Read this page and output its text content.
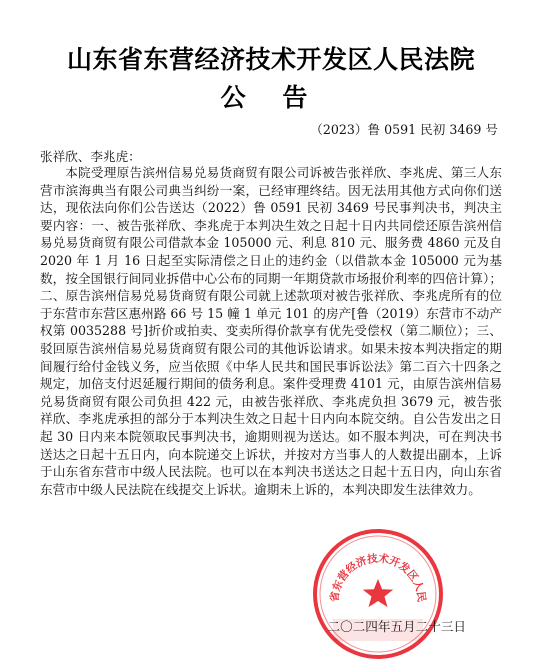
山东省东营经济技术开发区人民法院
公 告
（2023）鲁 0591 民初 3469 号
张祥欣、李兆虎：

本院受理原告滨州信易兑易货商贸有限公司诉被告张祥欣、李兆虎、第三人东营市滨海典当有限公司典当纠纷一案，已经审理终结。因无法用其他方式向你们送达，现依法向你们公告送达（2022）鲁 0591 民初 3469 号民事判决书，判决主要内容：一、被告张祥欣、李兆虎于本判决生效之日起十日内共同偿还原告滨州信易兑易货商贸有限公司借款本金 105000 元、利息 810 元、服务费 4860 元及自 2020 年 1 月 16 日起至实际清偿之日止的违约金（以借款本金 105000 元为基数，按全国银行间同业拆借中心公布的同期一年期贷款市场报价利率的四倍计算）；二、原告滨州信易兑易货商贸有限公司就上述款项对被告张祥欣、李兆虎所有的位于东营市东营区惠州路 66 号 15 幢 1 单元 101 的房产[鲁（2019）东营市不动产权第 0035288 号]折价或拍卖、变卖所得价款享有优先受偿权（第二顺位）；三、驳回原告滨州信易兑易货商贸有限公司的其他诉讼请求。如果未按本判决指定的期间履行给付金钱义务，应当依照《中华人民共和国民事诉讼法》第二百六十四条之规定，加倍支付迟延履行期间的债务利息。案件受理费 4101 元，由原告滨州信易兑易货商贸有限公司负担 422 元，由被告张祥欣、李兆虎负担 3679 元，被告张祥欣、李兆虎承担的部分于本判决生效之日起十日内向本院交纳。自公告发出之日起 30 日内来本院领取民事判决书，逾期则视为送达。如不服本判决，可在判决书送达之日起十五日内，向本院递交上诉状，并按对方当事人的人数提出副本，上诉于山东省东营市中级人民法院。也可以在本判决书送达之日起十五日内，向山东省东营市中级人民法院在线提交上诉状。逾期未上诉的，本判决即发生法律效力。

省东营经济技术开发区人民
二〇二四年五月二十三日
